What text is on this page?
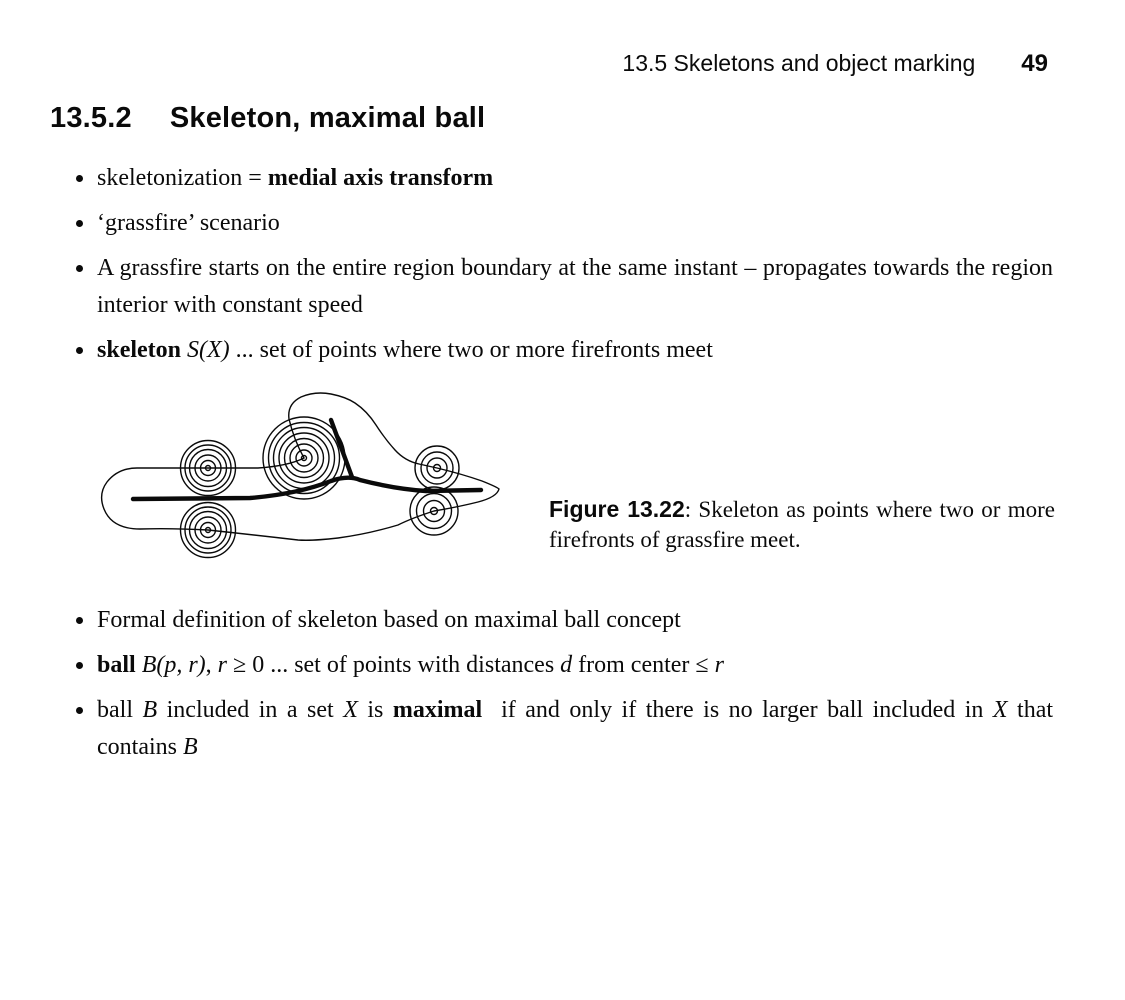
13.5 Skeletons and object marking 49
13.5.2 Skeleton, maximal ball
skeletonization = medial axis transform
‘grassfire’ scenario
A grassfire starts on the entire region boundary at the same instant – propagates towards the region interior with constant speed
skeleton S(X) ... set of points where two or more firefronts meet
Figure 13.22: Skeleton as points where two or more firefronts of grassfire meet.
Formal definition of skeleton based on maximal ball concept
ball B(p, r), r ≥ 0 ... set of points with distances d from center ≤ r
ball B included in a set X is maximal  if and only if there is no larger ball included in X that contains B
